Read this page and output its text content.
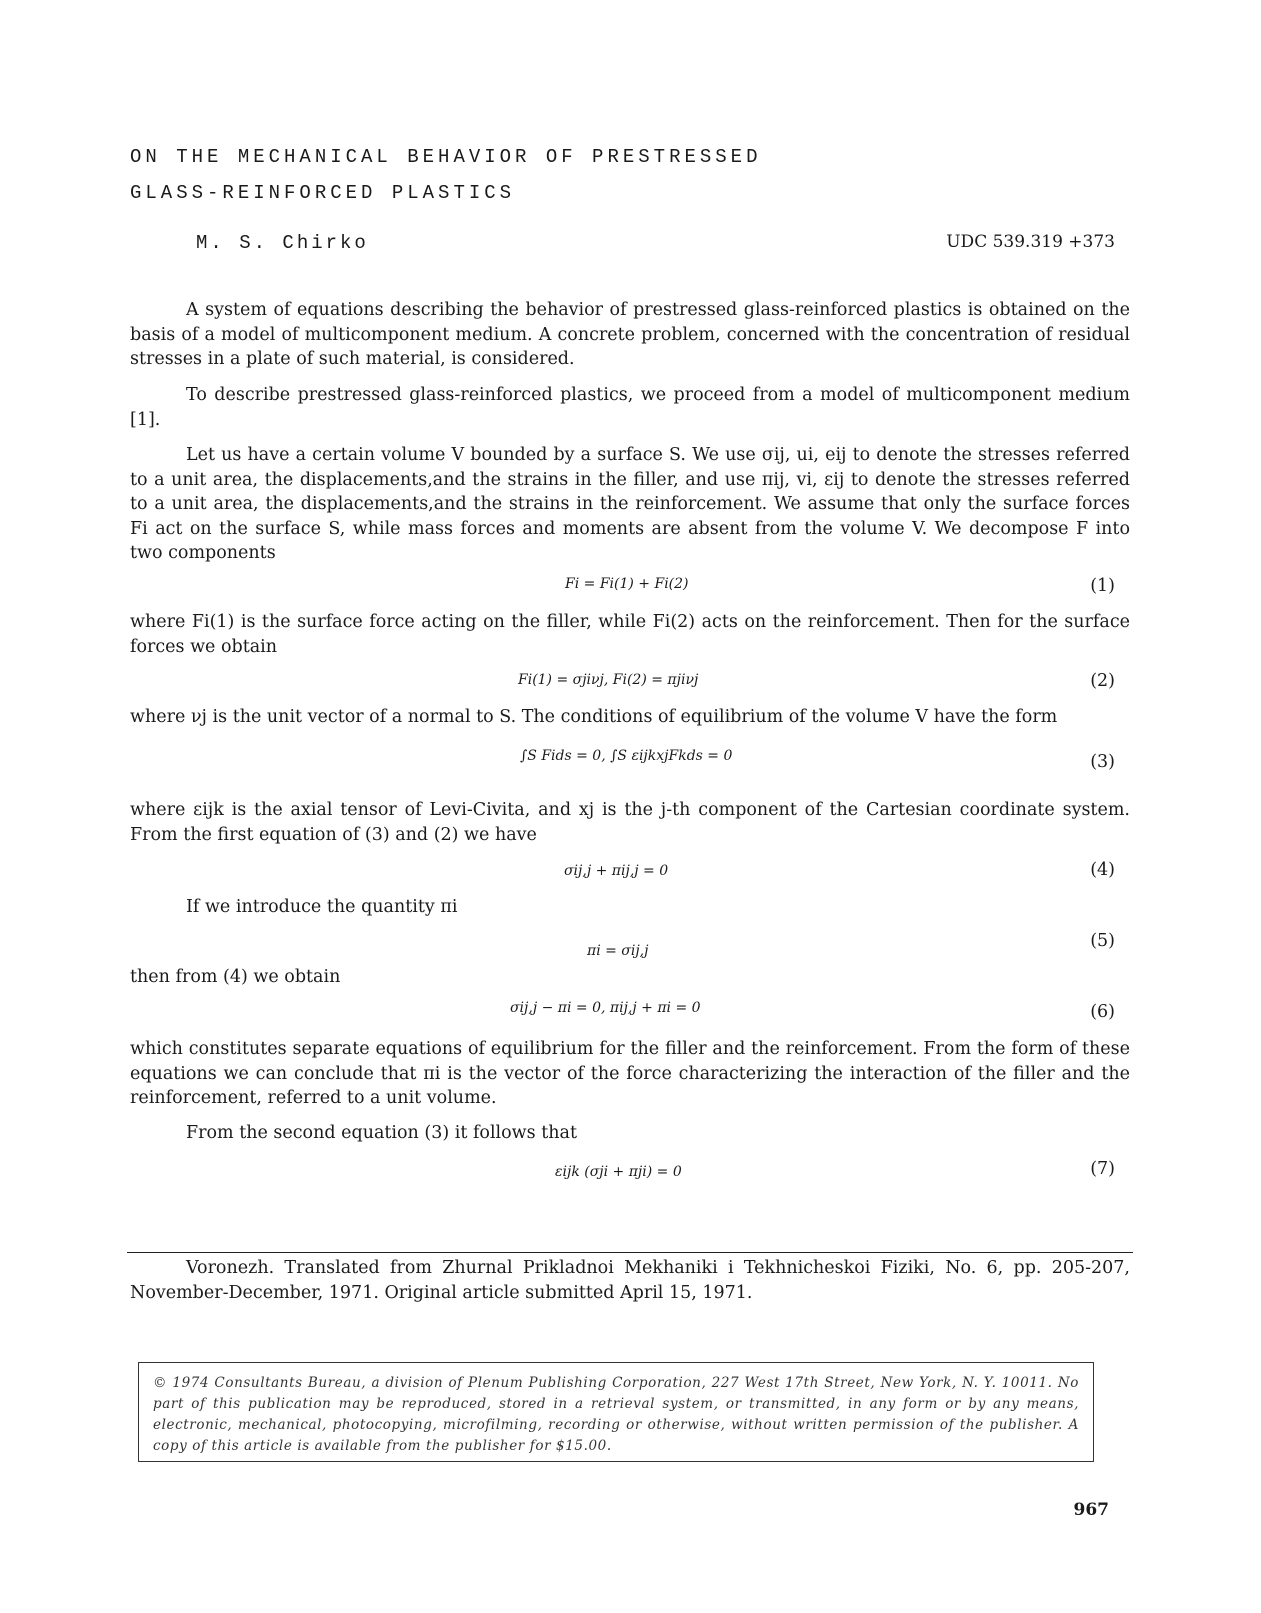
ON THE MECHANICAL BEHAVIOR OF PRESTRESSED
GLASS-REINFORCED PLASTICS
M. S. Chirko	UDC 539.319 +373
A system of equations describing the behavior of prestressed glass-reinforced plastics is obtained on the basis of a model of multicomponent medium. A concrete problem, concerned with the concentration of residual stresses in a plate of such material, is considered.
To describe prestressed glass-reinforced plastics, we proceed from a model of multicomponent medium [1].
Let us have a certain volume V bounded by a surface S. We use σij, ui, eij to denote the stresses referred to a unit area, the displacements,and the strains in the filler, and use πij, vi, εij to denote the stresses referred to a unit area, the displacements,and the strains in the reinforcement. We assume that only the surface forces Fi act on the surface S, while mass forces and moments are absent from the volume V. We decompose F into two components
Fi = Fi(1) + Fi(2)	(1)
where Fi(1) is the surface force acting on the filler, while Fi(2) acts on the reinforcement. Then for the surface forces we obtain
Fi(1) = σjiνj, Fi(2) = πjiνj	(2)
where νj is the unit vector of a normal to S. The conditions of equilibrium of the volume V have the form
∫S Fids = 0, ∫S εijkxjFkds = 0	(3)
where εijk is the axial tensor of Levi-Civita, and xj is the j-th component of the Cartesian coordinate system. From the first equation of (3) and (2) we have
σij,j + πij,j = 0	(4)
If we introduce the quantity πi
πi = σij,j	(5)
then from (4) we obtain
σij,j − πi = 0, πij,j + πi = 0	(6)
which constitutes separate equations of equilibrium for the filler and the reinforcement. From the form of these equations we can conclude that πi is the vector of the force characterizing the interaction of the filler and the reinforcement, referred to a unit volume.
From the second equation (3) it follows that
εijk (σji + πji) = 0	(7)
Voronezh. Translated from Zhurnal Prikladnoi Mekhaniki i Tekhnicheskoi Fiziki, No. 6, pp. 205-207, November-December, 1971. Original article submitted April 15, 1971.
© 1974 Consultants Bureau, a division of Plenum Publishing Corporation, 227 West 17th Street, New York, N. Y. 10011. No part of this publication may be reproduced, stored in a retrieval system, or transmitted, in any form or by any means, electronic, mechanical, photocopying, microfilming, recording or otherwise, without written permission of the publisher. A copy of this article is available from the publisher for $15.00.
967
